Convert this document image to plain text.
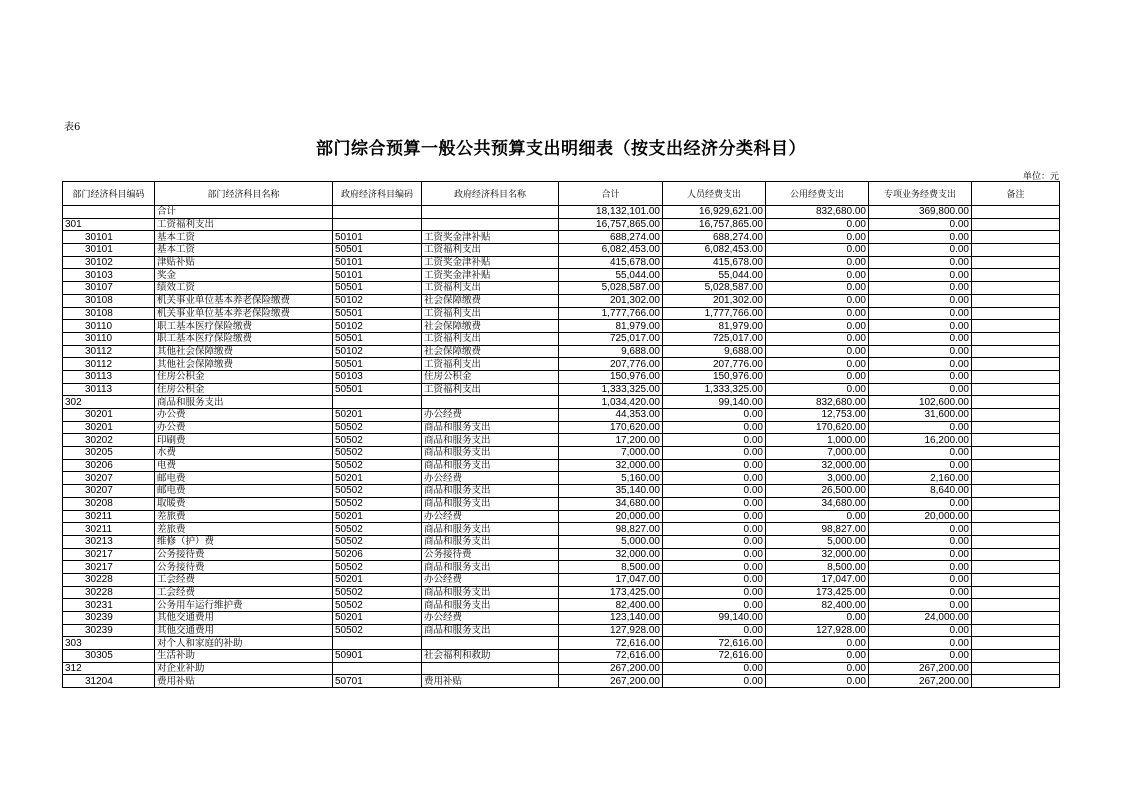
表6
部门综合预算一般公共预算支出明细表（按支出经济分类科目）
单位：元
部门经济科目编码	部门经济科目名称	政府经济科目编码	政府经济科目名称	合计	人员经费支出	公用经费支出	专项业务经费支出	备注
	合计			18,132,101.00	16,929,621.00	832,680.00	369,800.00	
301	工资福利支出			16,757,865.00	16,757,865.00	0.00	0.00	
30101	基本工资	50101	工资奖金津补贴	688,274.00	688,274.00	0.00	0.00	
30101	基本工资	50501	工资福利支出	6,082,453.00	6,082,453.00	0.00	0.00	
30102	津贴补贴	50101	工资奖金津补贴	415,678.00	415,678.00	0.00	0.00	
30103	奖金	50101	工资奖金津补贴	55,044.00	55,044.00	0.00	0.00	
30107	绩效工资	50501	工资福利支出	5,028,587.00	5,028,587.00	0.00	0.00	
30108	机关事业单位基本养老保险缴费	50102	社会保障缴费	201,302.00	201,302.00	0.00	0.00	
30108	机关事业单位基本养老保险缴费	50501	工资福利支出	1,777,766.00	1,777,766.00	0.00	0.00	
30110	职工基本医疗保险缴费	50102	社会保障缴费	81,979.00	81,979.00	0.00	0.00	
30110	职工基本医疗保险缴费	50501	工资福利支出	725,017.00	725,017.00	0.00	0.00	
30112	其他社会保障缴费	50102	社会保障缴费	9,688.00	9,688.00	0.00	0.00	
30112	其他社会保障缴费	50501	工资福利支出	207,776.00	207,776.00	0.00	0.00	
30113	住房公积金	50103	住房公积金	150,976.00	150,976.00	0.00	0.00	
30113	住房公积金	50501	工资福利支出	1,333,325.00	1,333,325.00	0.00	0.00	
302	商品和服务支出			1,034,420.00	99,140.00	832,680.00	102,600.00	
30201	办公费	50201	办公经费	44,353.00	0.00	12,753.00	31,600.00	
30201	办公费	50502	商品和服务支出	170,620.00	0.00	170,620.00	0.00	
30202	印刷费	50502	商品和服务支出	17,200.00	0.00	1,000.00	16,200.00	
30205	水费	50502	商品和服务支出	7,000.00	0.00	7,000.00	0.00	
30206	电费	50502	商品和服务支出	32,000.00	0.00	32,000.00	0.00	
30207	邮电费	50201	办公经费	5,160.00	0.00	3,000.00	2,160.00	
30207	邮电费	50502	商品和服务支出	35,140.00	0.00	26,500.00	8,640.00	
30208	取暖费	50502	商品和服务支出	34,680.00	0.00	34,680.00	0.00	
30211	差旅费	50201	办公经费	20,000.00	0.00	0.00	20,000.00	
30211	差旅费	50502	商品和服务支出	98,827.00	0.00	98,827.00	0.00	
30213	维修（护）费	50502	商品和服务支出	5,000.00	0.00	5,000.00	0.00	
30217	公务接待费	50206	公务接待费	32,000.00	0.00	32,000.00	0.00	
30217	公务接待费	50502	商品和服务支出	8,500.00	0.00	8,500.00	0.00	
30228	工会经费	50201	办公经费	17,047.00	0.00	17,047.00	0.00	
30228	工会经费	50502	商品和服务支出	173,425.00	0.00	173,425.00	0.00	
30231	公务用车运行维护费	50502	商品和服务支出	82,400.00	0.00	82,400.00	0.00	
30239	其他交通费用	50201	办公经费	123,140.00	99,140.00	0.00	24,000.00	
30239	其他交通费用	50502	商品和服务支出	127,928.00	0.00	127,928.00	0.00	
303	对个人和家庭的补助			72,616.00	72,616.00	0.00	0.00	
30305	生活补助	50901	社会福利和救助	72,616.00	72,616.00	0.00	0.00	
312	对企业补助			267,200.00	0.00	0.00	267,200.00	
31204	费用补贴	50701	费用补贴	267,200.00	0.00	0.00	267,200.00	
